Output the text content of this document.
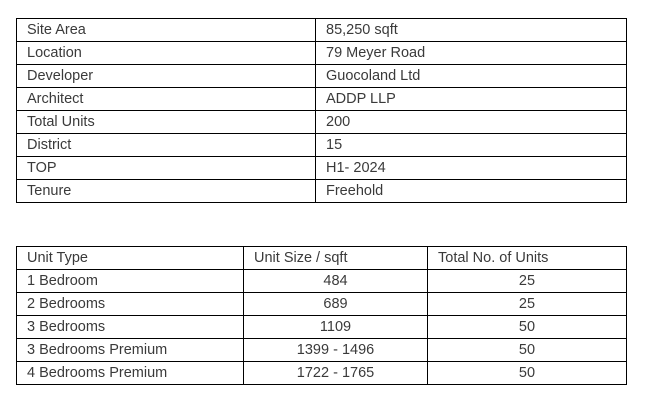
Site Area	85,250 sqft
Location	79 Meyer Road
Developer	Guocoland Ltd
Architect	ADDP LLP
Total Units	200
District	15
TOP	H1- 2024
Tenure	Freehold
Unit Type	Unit Size / sqft	Total No. of Units
1 Bedroom	484	25
2 Bedrooms	689	25
3 Bedrooms	1109	50
3 Bedrooms Premium	1399 - 1496	50
4 Bedrooms Premium	1722 - 1765	50
